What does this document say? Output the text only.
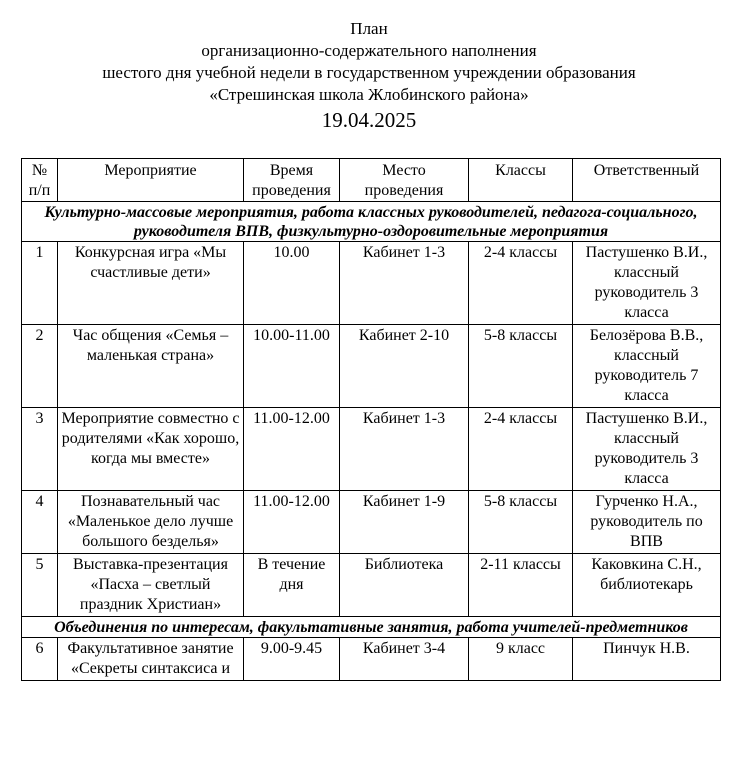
План
организационно-содержательного наполнения
шестого дня учебной недели в государственном учреждении образования
«Стрешинская школа Жлобинского района»
19.04.2025
№ п/п	Мероприятие	Время проведения	Место проведения	Классы	Ответственный
Культурно-массовые мероприятия, работа классных руководителей, педагога-социального, руководителя ВПВ, физкультурно-оздоровительные мероприятия					
1	Конкурсная игра «Мы счастливые дети»	10.00	Кабинет 1-3	2-4 классы	Пастушенко В.И., классный руководитель 3 класса
2	Час общения «Семья – маленькая страна»	10.00-11.00	Кабинет 2-10	5-8 классы	Белозёрова В.В., классный руководитель 7 класса
3	Мероприятие совместно с родителями «Как хорошо, когда мы вместе»	11.00-12.00	Кабинет 1-3	2-4 классы	Пастушенко В.И., классный руководитель 3 класса
4	Познавательный час «Маленькое дело лучше большого безделья»	11.00-12.00	Кабинет 1-9	5-8 классы	Гурченко Н.А., руководитель по ВПВ
5	Выставка-презентация «Пасха – светлый праздник Христиан»	В течение дня	Библиотека	2-11 классы	Каковкина С.Н., библиотекарь
Объединения по интересам, факультативные занятия, работа учителей-предметников					
6	Факультативное занятие «Секреты синтаксиса и	9.00-9.45	Кабинет 3-4	9 класс	Пинчук Н.В.
